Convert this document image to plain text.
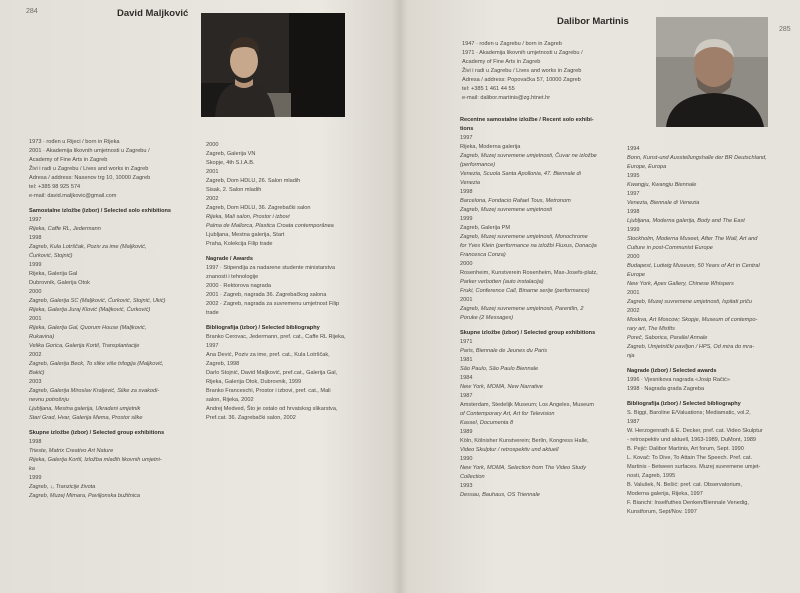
284	David Maljković
1973 · rođen u Rijeci / born in Rijeka
2001 · Akademija likovnih umjetnosti u Zagrebu /
Academy of Fine Arts in Zagreb
Živi i radi u Zagrebu / Lives and works in Zagreb
Adresa / address: Nasenov trg 10, 10000 Zagreb
tel: +385 98 925 574
e-mail: david.maljkovic@gmail.com
Samostalne izložbe (izbor) / Selected solo exhibitions
1997
Rijeka, Caffe RL, Jedermann
1998
Zagreb, Kula Lotrščak, Poziv za ime (Maljković,
Ćurković, Stojnić)
1999
Rijeka, Galerija Gal
Dubrovnik, Galerija Otok
2000
Zagreb, Galerija SC (Maljković, Ćurković, Stojnić, Ukić)
Rijeka, Galerija Juraj Klović (Maljković, Ćurković)
2001
Rijeka, Galerija Gal, Quorum House (Maljković,
Rukavina)
Velika Gorica, Galerija Kortil, Transplantacije
2002
Zagreb, Galerija Beck, To slike više trilogija (Maljković,
Bakić)
2003
Zagreb, Galerija Miroslav Kraljević, Slike za svakodi-
nevnu potrošnju
Ljubljana, Mestna galerija, Ukradeni umjetnik
Stari Grad, Hvar, Galerija Mema, Prostor slike
Skupne izložbe (izbor) / Selected group exhibitions
1998
Trieste, Matrix Creativo Art Nature
Rijeka, Galerija Kortil, Izložba mlađih likovnih umjetni-
ka
1999
Zagreb, ↓, Tranzicije života
Zagreb, Muzej Mimara, Paviljonska bužitnica
2000
Zagreb, Galerija VN
Skopje, 4th S.I.A.B.
2001
Zagreb, Dom HDLU, 26. Salon mladih
Sisak, 2. Salon mladih
2002
Zagreb, Dom HDLU, 36. Zagrebački salon
Rijeka, Mali salon, Prostor i izbovi
Palma de Mallorca, Plastica Croata contemporânea
Ljubljana, Mestna galerija, Start
Praha, Kolekcija Filip trade
Nagrade / Awards
1997 · Stipendija za nadarene studente ministarstva
znanosti i tehnologije
2000 · Rektorova nagrada
2001 · Zagreb, nagrada 36. Zagrebačkog salona
2002 · Zagreb, nagrada za suvremenu umjetnost Filip
trade
Bibliografija (izbor) / Selected bibliography
Branko Cerovac, Jedermann, pref. cat., Caffe RL Rijeka,
1997
Ana Dević, Poziv za ime, pref. cat., Kula Lotrščak,
Zagreb, 1998
Darlo Stojnić, David Maljković, pref.cat., Galerija Gal,
Rijeka, Galerija Otok, Dubrovnik, 1999
Branko Franceschi, Prostor i izbovi, pref. cat., Mali
salon, Rijeka, 2002
Andrej Medved, Što je ostalo od hrvatskog slikarstva,
Pref.cat. 36. Zagrebački salon, 2002
285
Dalibor Martinis
1947 · rođen u Zagrebu / born in Zagreb
1971 · Akademija likovnih umjetnosti u Zagrebu /
Academy of Fine Arts in Zagreb
Živi i radi u Zagrebu / Lives and works in Zagreb
Adresa / address: Popovačka 57, 10000 Zagreb
tel: +385 1 461 44 55
e-mail: dalibor.martinis@zg.htnet.hr
Recentne samostalne izložbe / Recent solo exhibi-
tions
1997
Rijeka, Moderna galerija
Zagreb, Muzej suvremene umjetnosti, Čuvar ne izložbe
(performance)
Venezia, Scuola Santa Apollonia, 47. Biennale di
Venezia
1998
Barcelona, Fondacio Rafael Tous, Metronom
Zagreb, Muzej suvremene umjetnosti
1999
Zagreb, Galerija PM
Zagreb, Muzej suvremene umjetnosti, Monochrome
for Yves Klein (performance na izložbi Fluxus, Donacija
Francesca Conza)
2000
Rosenheim, Kunstverein Rosenheim, Max-Josefs-platz,
Parker verbotten (auto instalacija)
Fruki, Conference Call, Binarne serije (performance)
2001
Zagreb, Muzej suvremene umjetnosti, Parentlin, 2
Poruke (2 Messages)
Skupne izložbe (izbor) / Selected group exhibitions
1971
Paris, Biennale de Jeunes du Paris
1981
São Paulo, São Paulo Biennale
1984
New York, MOMA, New Narrative
1987
Amsterdam, Stedelijk Museum; Los Angeles, Museum
of Contemporary Art, Art for Television
Kassel, Documenta 8
1989
Köln, Kölnisher Kunstverein; Berlin, Kongress Halle,
Video Skulptur / retrospektiv und aktuell
1990
New York, MOMA, Selection from The Video Study
Collection
1993
Dessau, Bauhaus, OS Triennale
1994
Bonn, Kunst-und Ausstellungshalle der BR Deutschland,
Europe, Europa
1995
Kwangju, Kwangju Biennale
1997
Venezia, Biennale di Venezia
1998
Ljubljana, Moderna galerija, Body and The East
1999
Stockholm, Moderna Museet, After The Wall, Art and
Culture in post-Communist Europe
2000
Budapest, Ludwig Museum, 50 Years of Art in Central
Europe
New York, Apex Gallery, Chinese Whispers
2001
Zagreb, Muzej suvremene umjetnosti, Ispitati priču
2002
Moskva, Art Moscow; Skopje, Museum of contempo-
rary art, The Misfits
Poreč, Saborica, Parallel Annale
Zagreb, Umjetnički paviljon / HPS, Od mira do mra-
nja
Nagrade (izbor) / Selected awards
1996 · Vjesnikova nagrada «Josip Račić»
1998 · Nagrada grada Zagreba
Bibliografija (izbor) / Selected bibliography
S. Biggi, Baroline E/Valuations; Mediamatic, vol.2,
1987
W. Herzogenrath & E. Decker, pref. cat. Video Skulptur
- retrospektiv und aktuell, 1963-1989, DuMont, 1989
B. Pejić: Dalibor Martinis, Art forum, Sept. 1990
L. Kovač: To Dive, To Attain The Speech. Pref. cat.
Martinis - Between surfaces. Muzej suvremene umjet-
nosti, Zagreb, 1995
B. Valušek, N. Bešić: pref. cat. Observatorium,
Moderna galerija, Rijeka, 1997
F. Bianchi: Inselfuthes Denken/Biennale Venedig,
Kunstforum, Sept/Nov. 1997
